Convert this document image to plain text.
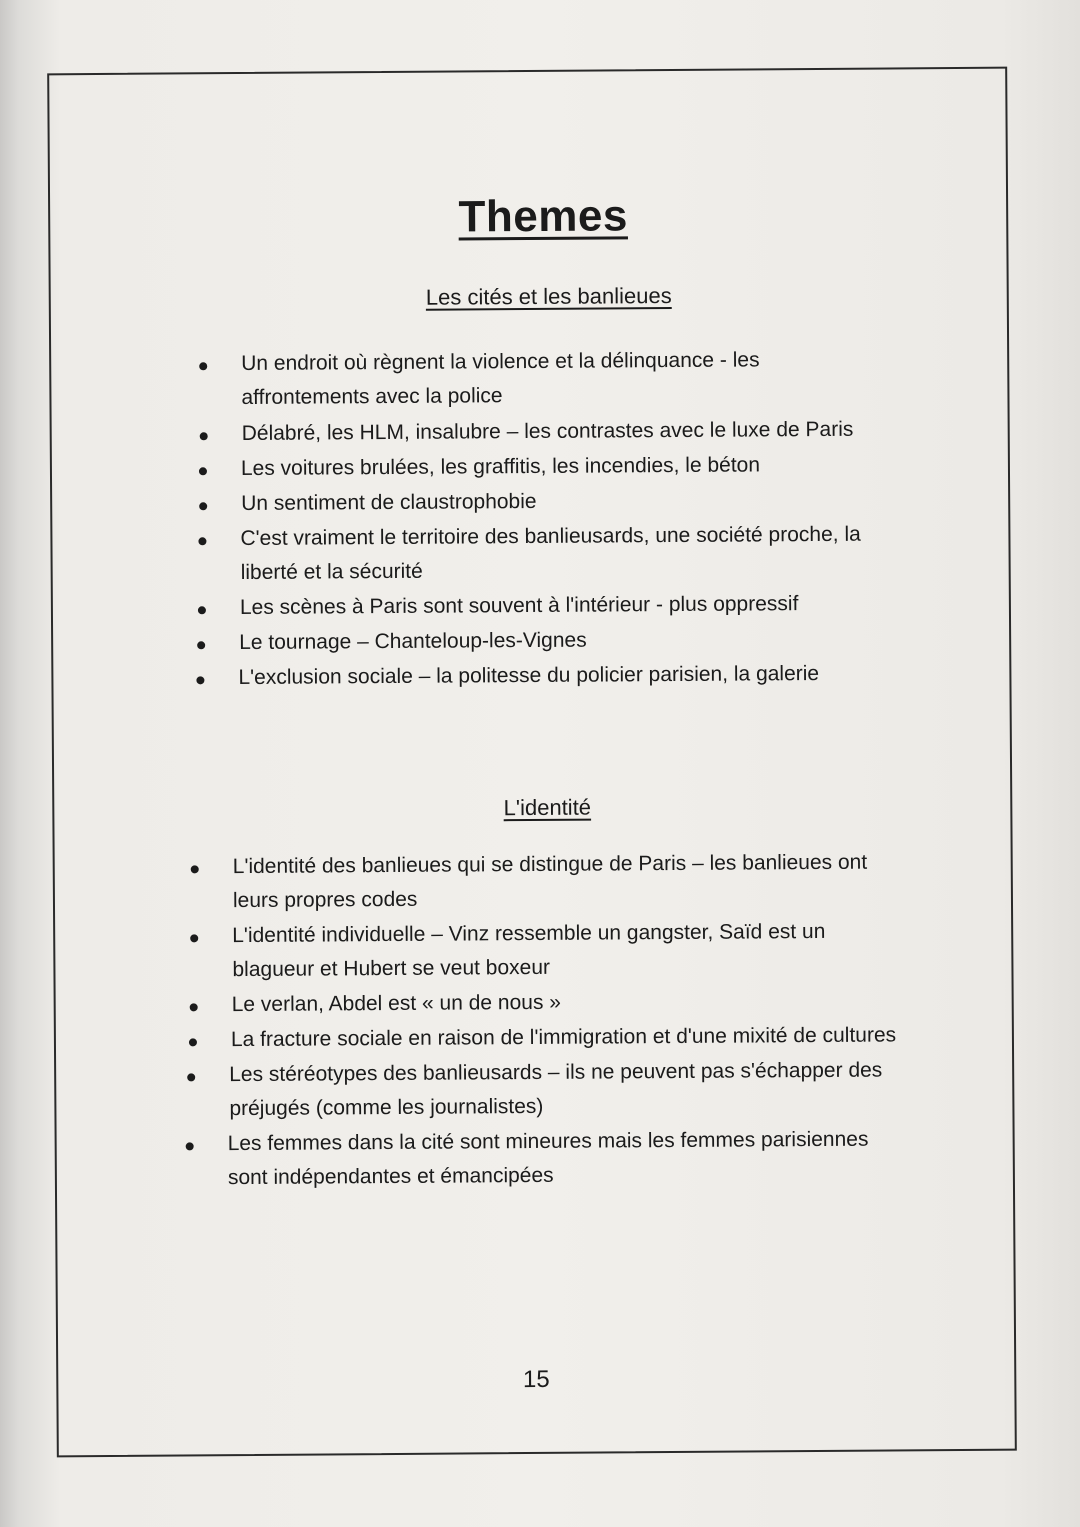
Themes
Les cités et les banlieues
Un endroit où règnent la violence et la délinquance - les affrontements avec la police
Délabré, les HLM, insalubre – les contrastes avec le luxe de Paris
Les voitures brulées, les graffitis, les incendies, le béton
Un sentiment de claustrophobie
C'est vraiment le territoire des banlieusards, une société proche, la liberté et la sécurité
Les scènes à Paris sont souvent à l'intérieur - plus oppressif
Le tournage – Chanteloup-les-Vignes
L'exclusion sociale – la politesse du policier parisien, la galerie
L'identité
L'identité des banlieues qui se distingue de Paris – les banlieues ont leurs propres codes
L'identité individuelle – Vinz ressemble un gangster, Saïd est un blagueur et Hubert se veut boxeur
Le verlan, Abdel est « un de nous »
La fracture sociale en raison de l'immigration et d'une mixité de cultures
Les stéréotypes des banlieusards – ils ne peuvent pas s'échapper des préjugés (comme les journalistes)
Les femmes dans la cité sont mineures mais les femmes parisiennes sont indépendantes et émancipées
15
